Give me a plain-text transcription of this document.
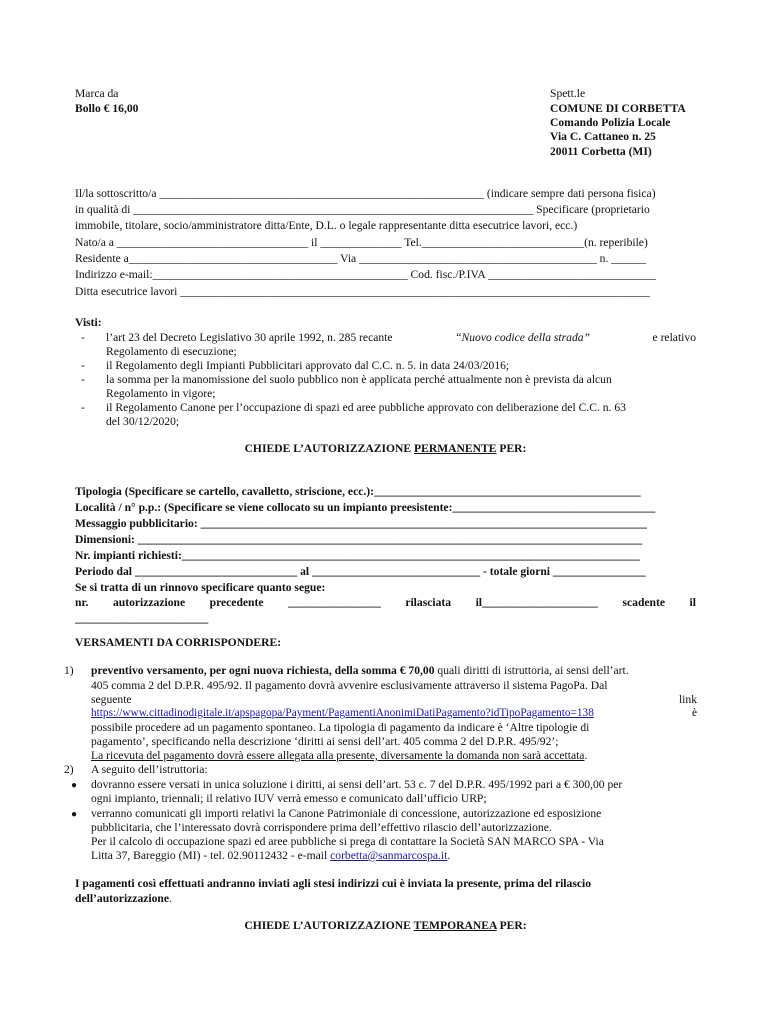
Marca da
Bollo € 16,00
Spett.le
COMUNE DI CORBETTA
Comando Polizia Locale
Via C. Cattaneo n. 25
20011 Corbetta (MI)
Il/la sottoscritto/a ________________________________________________________ (indicare sempre dati persona fisica)
in qualità di _____________________________________________________________________ Specificare (proprietario
immobile, titolare, socio/amministratore ditta/Ente, D.L. o legale rappresentante ditta esecutrice lavori, ecc.)
Nato/a a _________________________________ il ______________ Tel.____________________________(n. reperibile)
Residente a____________________________________ Via _________________________________________ n. ______
Indirizzo e-mail:____________________________________________ Cod. fisc./P.IVA _____________________________
Ditta esecutrice lavori _________________________________________________________________________________
Visti:
- l’art 23 del Decreto Legislativo 30 aprile 1992, n. 285 recante	“Nuovo codice della strada”	e relativo
Regolamento di esecuzione;
- il Regolamento degli Impianti Pubblicitari approvato dal C.C. n. 5. in data 24/03/2016;
- la somma per la manomissione del suolo pubblico non è applicata perché attualmente non è prevista da alcun
Regolamento in vigore;
- il Regolamento Canone per l’occupazione di spazi ed aree pubbliche approvato con deliberazione del C.C. n. 63
del 30/12/2020;
CHIEDE L’AUTORIZZAZIONE PERMANENTE PER:
Tipologia (Specificare se cartello, cavalletto, striscione, ecc.):______________________________________________
Località / n° p.p.: (Specificare se viene collocato su un impianto preesistente:___________________________________
Messaggio pubblicitario: _____________________________________________________________________________
Dimensioni: _______________________________________________________________________________________
Nr. impianti richiesti:_______________________________________________________________________________
Periodo dal ____________________________ al _____________________________ - totale giorni ________________
Se si tratta di un rinnovo specificare quanto segue:
nr. autorizzazione precedente ________________ rilasciata il____________________ scadente il
_______________________
VERSAMENTI DA CORRISPONDERE:
1) preventivo versamento, per ogni nuova richiesta, della somma € 70,00 quali diritti di istruttoria, ai sensi dell’art.
405 comma 2 del D.P.R. 495/92. Il pagamento dovrà avvenire esclusivamente attraverso il sistema PagoPa. Dal
seguente	link
https://www.cittadinodigitale.it/apspagopa/Payment/PagamentiAnonimiDatiPagamento?idTipoPagamento=138	è
possibile procedere ad un pagamento spontaneo. La tipologia di pagamento da indicare è ‘Altre tipologie di
pagamento’, specificando nella descrizione ‘diritti ai sensi dell’art. 405 comma 2 del D.P.R. 495/92’;
La ricevuta del pagamento dovrà essere allegata alla presente, diversamente la domanda non sarà accettata.
2) A seguito dell’istruttoria:
● dovranno essere versati in unica soluzione i diritti, ai sensi dell’art. 53 c. 7 del D.P.R. 495/1992 pari a € 300,00 per
ogni impianto, triennali; il relativo IUV verrà emesso e comunicato dall’ufficio URP;
● verranno comunicati gli importi relativi la Canone Patrimoniale di concessione, autorizzazione ed esposizione
pubblicitaria, che l’interessato dovrà corrispondere prima dell’effettivo rilascio dell’autorizzazione.
Per il calcolo di occupazione spazi ed aree pubbliche si prega di contattare la Società SAN MARCO SPA - Via
Litta 37, Bareggio (MI) - tel. 02.90112432 - e-mail corbetta@sanmarcospa.it.
I pagamenti così effettuati andranno inviati agli stesi indirizzi cui è inviata la presente, prima del rilascio
dell’autorizzazione.
CHIEDE L’AUTORIZZAZIONE TEMPORANEA PER:
